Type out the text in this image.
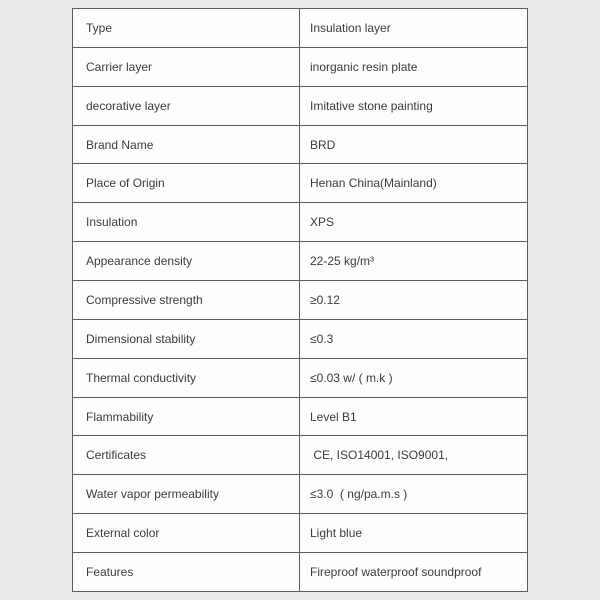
Type	Insulation layer
Carrier layer	inorganic resin plate
decorative layer	Imitative stone painting
Brand Name	BRD
Place of Origin	Henan China(Mainland)
Insulation	XPS
Appearance density	22-25 kg/m³
Compressive strength	≥0.12
Dimensional stability	≤0.3
Thermal conductivity	≤0.03 w/ ( m.k )
Flammability	Level B1
Certificates	CE, ISO14001, ISO9001,
Water vapor permeability	≤3.0  ( ng/pa.m.s )
External color	Light blue
Features	Fireproof waterproof soundproof
